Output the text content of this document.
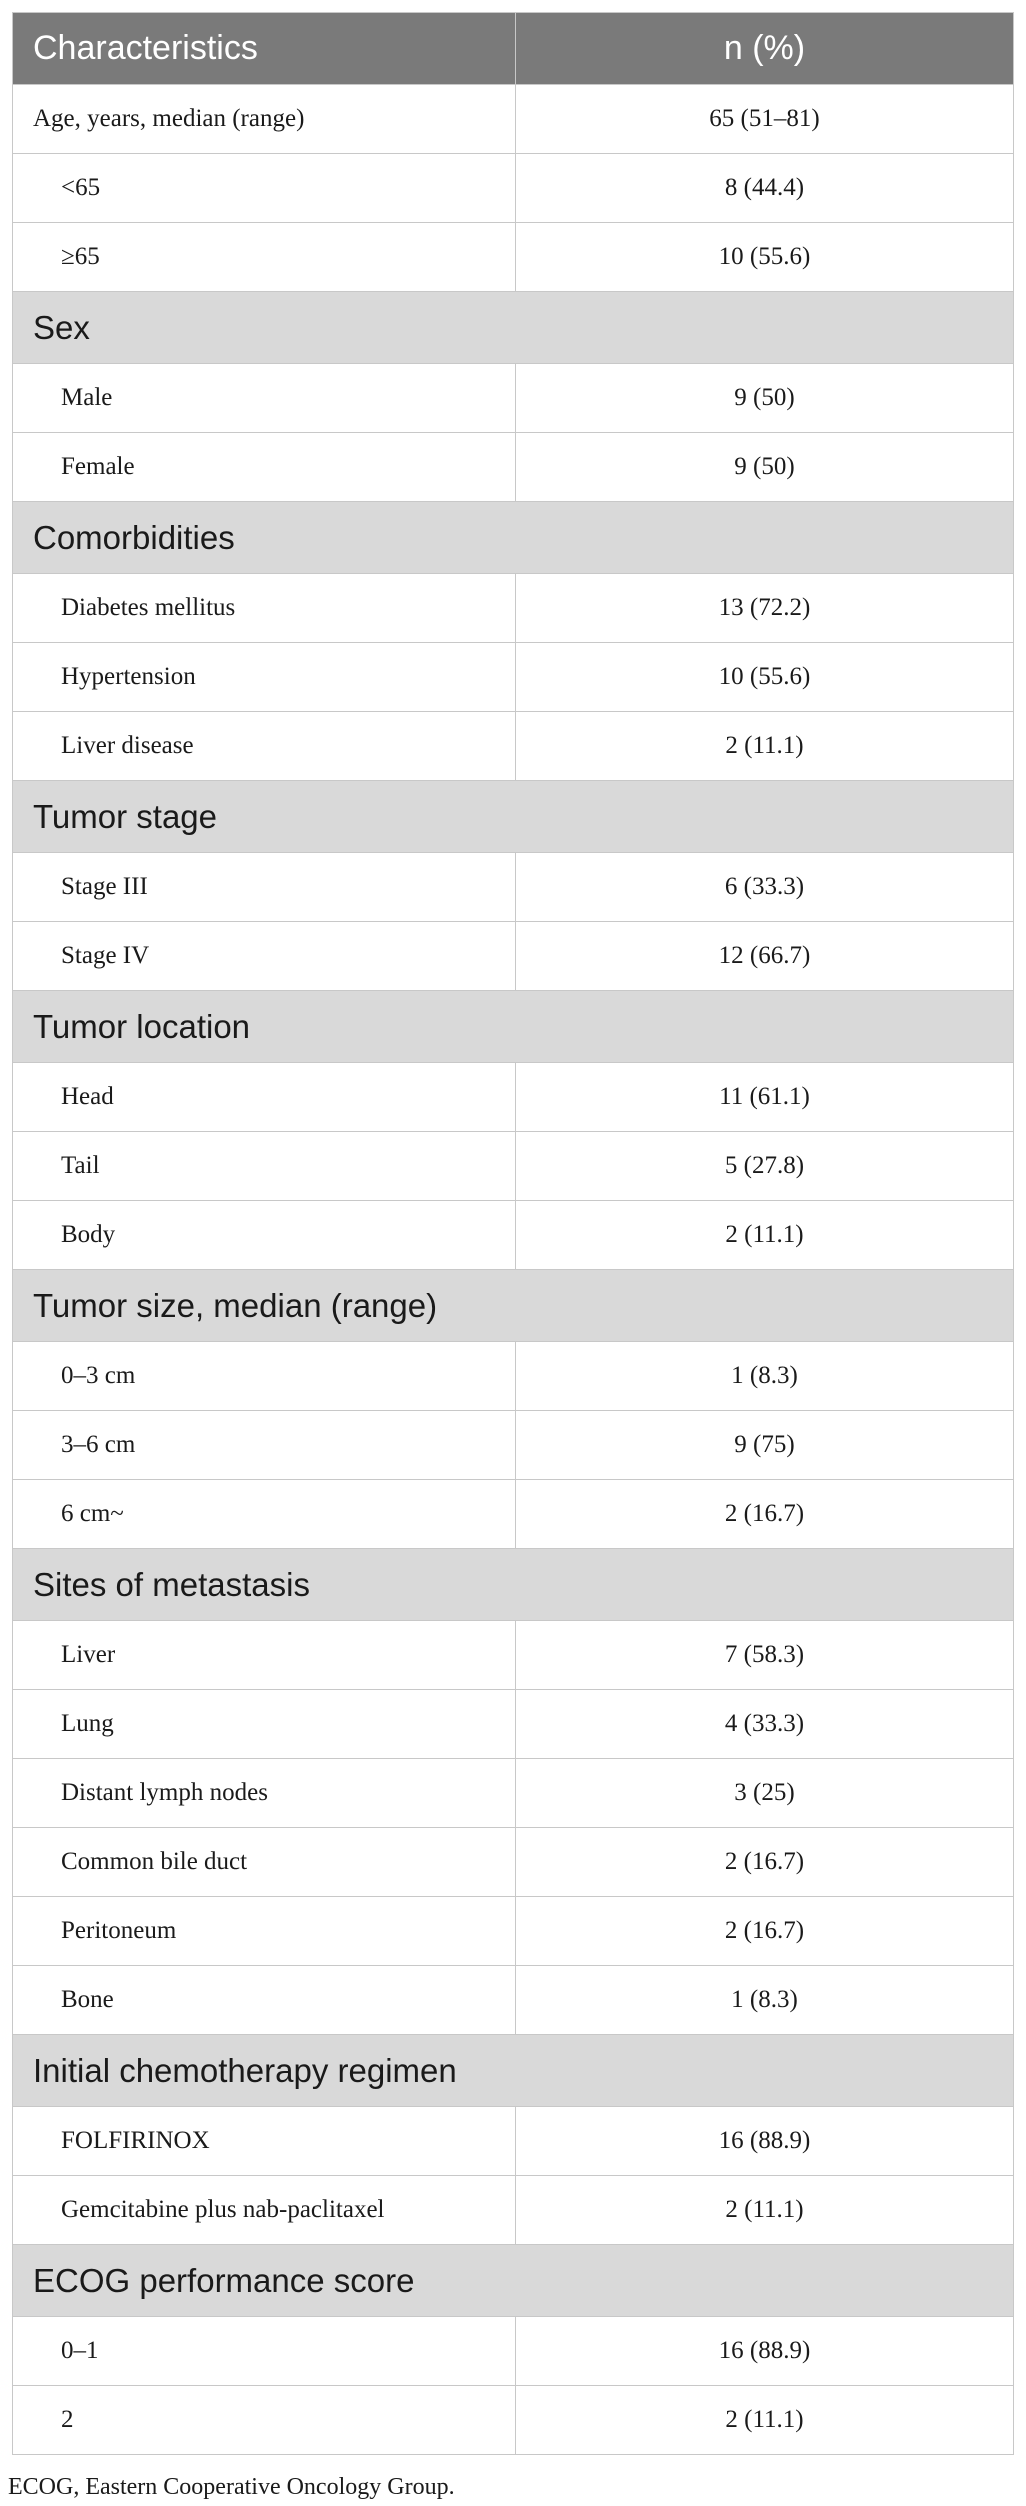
Characteristics	n (%)
Age, years, median (range)	65 (51–81)
<65	8 (44.4)
≥65	10 (55.6)
Sex	
Male	9 (50)
Female	9 (50)
Comorbidities	
Diabetes mellitus	13 (72.2)
Hypertension	10 (55.6)
Liver disease	2 (11.1)
Tumor stage	
Stage III	6 (33.3)
Stage IV	12 (66.7)
Tumor location	
Head	11 (61.1)
Tail	5 (27.8)
Body	2 (11.1)
Tumor size, median (range)	
0–3 cm	1 (8.3)
3–6 cm	9 (75)
6 cm~	2 (16.7)
Sites of metastasis	
Liver	7 (58.3)
Lung	4 (33.3)
Distant lymph nodes	3 (25)
Common bile duct	2 (16.7)
Peritoneum	2 (16.7)
Bone	1 (8.3)
Initial chemotherapy regimen	
FOLFIRINOX	16 (88.9)
Gemcitabine plus nab-paclitaxel	2 (11.1)
ECOG performance score	
0–1	16 (88.9)
2	2 (11.1)
ECOG, Eastern Cooperative Oncology Group.
